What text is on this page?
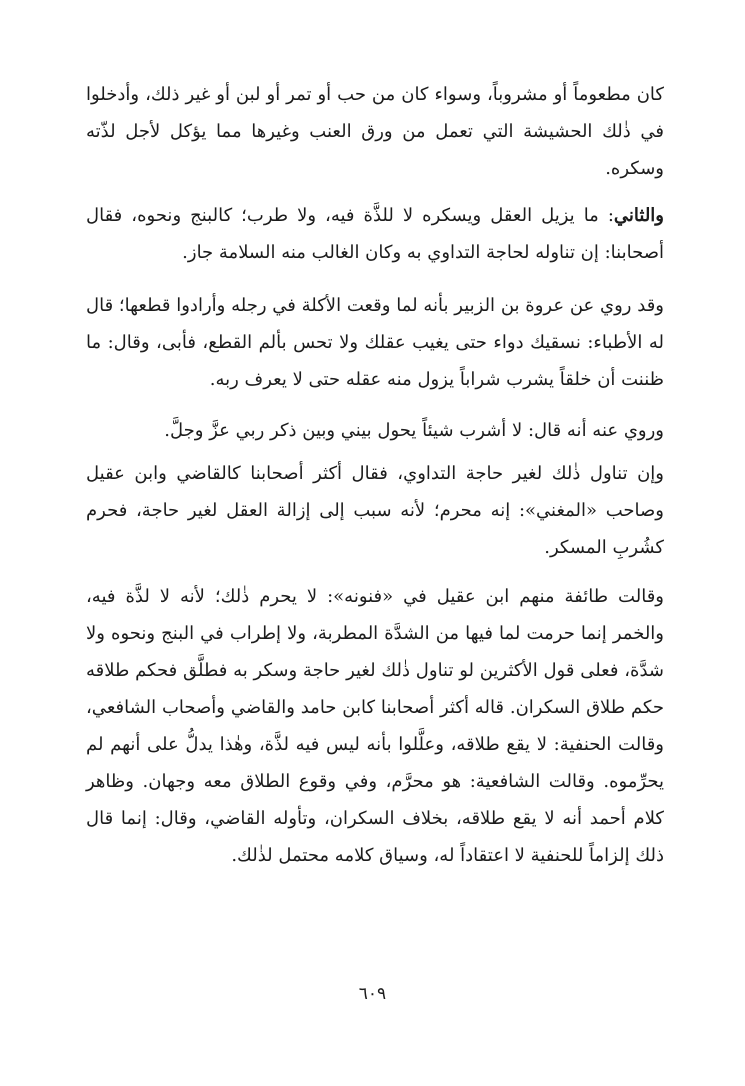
كان مطعوماً أو مشروباً، وسواء كان من حب أو تمر أو لبن أو غير ذلك، وأدخلوا في ذٰلك الحشيشة التي تعمل من ورق العنب وغيرها مما يؤكل لأجل لذّته وسكره.

والثاني: ما يزيل العقل ويسكره لا للذَّة فيه، ولا طرب؛ كالبنج ونحوه، فقال أصحابنا: إن تناوله لحاجة التداوي به وكان الغالب منه السلامة جاز.

وقد روي عن عروة بن الزبير بأنه لما وقعت الأكلة في رجله وأرادوا قطعها؛ قال له الأطباء: نسقيك دواء حتى يغيب عقلك ولا تحس بألم القطع، فأبى، وقال: ما ظننت أن خلقاً يشرب شراباً يزول منه عقله حتى لا يعرف ربه.

وروي عنه أنه قال: لا أشرب شيئاً يحول بيني وبين ذكر ربي عزَّ وجلَّ.

وإن تناول ذٰلك لغير حاجة التداوي، فقال أكثر أصحابنا كالقاضي وابن عقيل وصاحب «المغني»: إنه محرم؛ لأنه سبب إلى إزالة العقل لغير حاجة، فحرم كشُربِ المسكر.

وقالت طائفة منهم ابن عقيل في «فنونه»: لا يحرم ذٰلك؛ لأنه لا لذَّة فيه، والخمر إنما حرمت لما فيها من الشدَّة المطربة، ولا إطراب في البنج ونحوه ولا شدَّة، فعلى قول الأكثرين لو تناول ذٰلك لغير حاجة وسكر به فطلَّق فحكم طلاقه حكم طلاق السكران. قاله أكثر أصحابنا كابن حامد والقاضي وأصحاب الشافعي، وقالت الحنفية: لا يقع طلاقه، وعلَّلوا بأنه ليس فيه لذَّة، وهٰذا يدلُّ على أنهم لم يحرِّموه. وقالت الشافعية: هو محرَّم، وفي وقوع الطلاق معه وجهان. وظاهر كلام أحمد أنه لا يقع طلاقه، بخلاف السكران، وتأوله القاضي، وقال: إنما قال ذلك إلزاماً للحنفية لا اعتقاداً له، وسياق كلامه محتمل لذٰلك.

٦٠٩
